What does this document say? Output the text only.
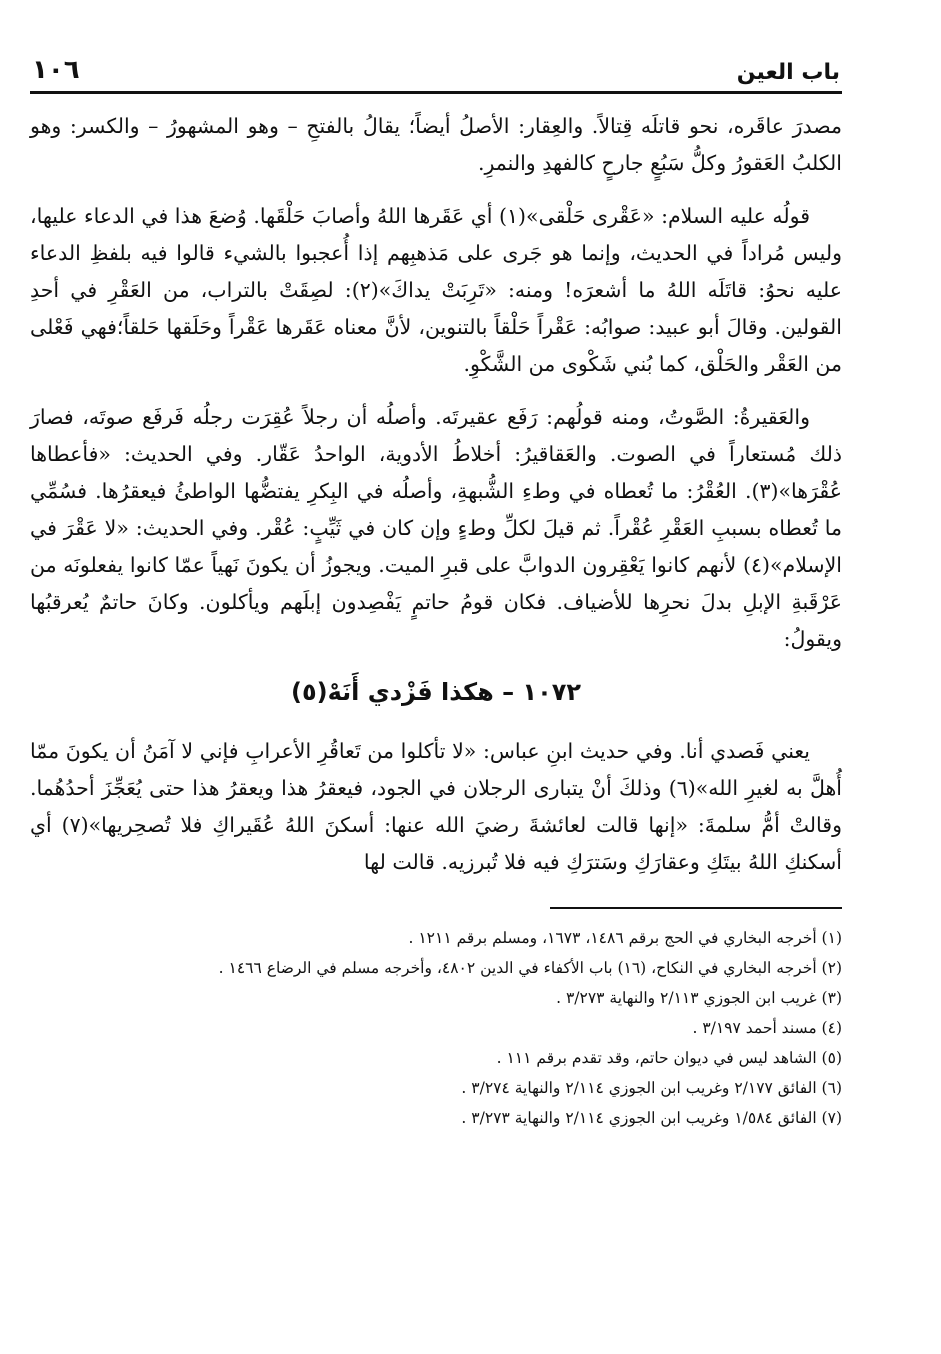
باب العين
١٠٦

مصدرَ عاقَره، نحو قاتلَه قِتالاً. والعِقار: الأصلُ أيضاً؛ يقالُ بالفتحِ – وهو المشهورُ – والكسر: وهو الكلبُ العَقورُ وكلُّ سَبُعٍ جارحٍ كالفهدِ والنمرِ.

قولُه عليه السلام: «عَقْرى حَلْقى»(١) أي عَقَرها اللهُ وأصابَ حَلْقَها. وُضعَ هذا في الدعاء عليها، وليس مُراداً في الحديث، وإنما هو جَرى على مَذهبِهم إذا أُعجبوا بالشيء قالوا فيه بلفظِ الدعاء عليه نحوُ: قاتَلَه اللهُ ما أشعرَه! ومنه: «تَرِبَتْ يداكَ»(٢): لصِقَتْ بالتراب، من العَقْرِ في أحدِ القولين. وقالَ أبو عبيد: صوابُه: عَقْراً حَلْقاً بالتنوين، لأنَّ معناه عَقَرها عَقْراً وحَلَقها حَلقاً؛فهي فَعْلى من العَقْر والحَلْق، كما بُني شَكْوى من الشَّكْوِ.

والعَقيرةُ: الصَّوتُ، ومنه قولُهم: رَفَع عقيرتَه. وأصلُه أن رجلاً عُقِرَت رجلُه فَرفَع صوتَه، فصارَ ذلك مُستعاراً في الصوت. والعَقاقيرُ: أخلاطُ الأدوية، الواحدُ عَقّار. وفي الحديث: «فأعطاها عُقْرَها»(٣). العُقْرُ: ما تُعطاه في وطءِ الشُّبهةِ، وأصلُه في البِكرِ يفتضُّها الواطئُ فيعقرُها. فسُمِّي ما تُعطاه بسببِ العَقْرِ عُقْراً. ثم قيلَ لكلِّ وطءٍ وإن كان في ثَيِّبٍ: عُقْر. وفي الحديث: «لا عَقْرَ في الإسلام»(٤) لأنهم كانوا يَعْقِرون الدوابَّ على قبرِ الميت. ويجوزُ أن يكونَ نَهياً عمّا كانوا يفعلونَه من عَرْقَبةِ الإبلِ بدلَ نحرِها للأضياف. فكان قومُ حاتمٍ يَفْصِدون إبلَهم ويأكلون. وكانَ حاتمٌ يُعرقبُها ويقولُ:

١٠٧٢ – هكذا فَزْدي أَنَهْ(٥)

يعني فَصدي أنا. وفي حديث ابنِ عباس: «لا تأكلوا من تَعاقُرِ الأعرابِ فإني لا آمَنُ أن يكونَ ممّا أُهلَّ به لغيرِ الله»(٦) وذلكَ أنْ يتبارى الرجلان في الجود، فيعقرُ هذا ويعقرُ هذا حتى يُعَجِّزَ أحدُهُما. وقالتْ أمُّ سلمةَ: «إنها قالت لعائشةَ رضيَ الله عنها: أسكنَ اللهُ عُقَيراكِ فلا تُصحِريها»(٧) أي أسكنكِ اللهُ بيتَكِ وعقارَكِ وسَترَكِ فيه فلا تُبرزيه. قالت لها

(١) أخرجه البخاري في الحج برقم ١٤٨٦، ١٦٧٣، ومسلم برقم ١٢١١ .
(٢) أخرجه البخاري في النكاح، (١٦) باب الأكفاء في الدين ٤٨٠٢، وأخرجه مسلم في الرضاع ١٤٦٦ .
(٣) غريب ابن الجوزي ٢/١١٣ والنهاية ٣/٢٧٣ .
(٤) مسند أحمد ٣/١٩٧ .
(٥) الشاهد ليس في ديوان حاتم، وقد تقدم برقم ١١١ .
(٦) الفائق ٢/١٧٧ وغريب ابن الجوزي ٢/١١٤ والنهاية ٣/٢٧٤ .
(٧) الفائق ١/٥٨٤ وغريب ابن الجوزي ٢/١١٤ والنهاية ٣/٢٧٣ .
